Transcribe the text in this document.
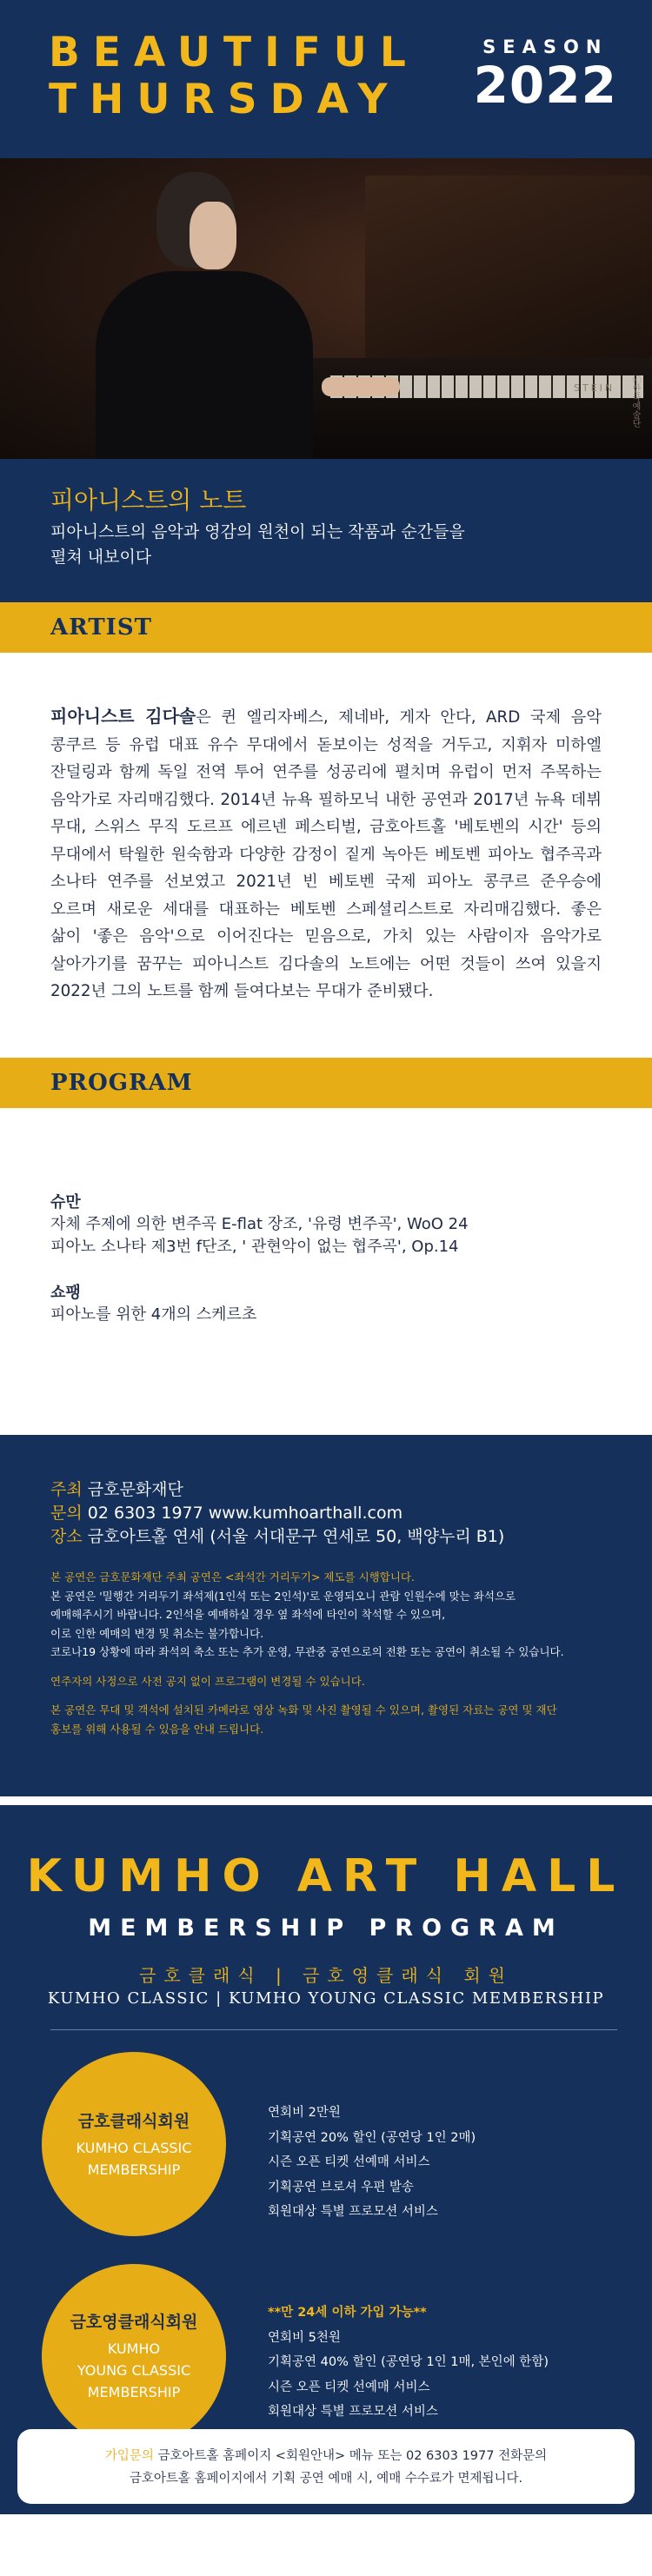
BEAUTIFUL
THURSDAY
SEASON
2022
STEIN ⓒ한국예술단
피아니스트의 노트
피아니스트의 음악과 영감의 원천이 되는 작품과 순간들을
펼쳐 내보이다
ARTIST

피아니스트 김다솔은 퀸 엘리자베스, 제네바, 게자 안다, ARD 국제 음악 콩쿠르 등 유럽 대표 유수 무대에서 돋보이는 성적을 거두고, 지휘자 미하엘 잔덜링과 함께 독일 전역 투어 연주를 성공리에 펼치며 유럽이 먼저 주목하는 음악가로 자리매김했다. 2014년 뉴욕 필하모닉 내한 공연과 2017년 뉴욕 데뷔 무대, 스위스 무직 도르프 에르넨 페스티벌, 금호아트홀 '베토벤의 시간' 등의 무대에서 탁월한 원숙함과 다양한 감정이 짙게 녹아든 베토벤 피아노 협주곡과 소나타 연주를 선보였고 2021년 빈 베토벤 국제 피아노 콩쿠르 준우승에 오르며 새로운 세대를 대표하는 베토벤 스페셜리스트로 자리매김했다. 좋은 삶이 '좋은 음악'으로 이어진다는 믿음으로, 가치 있는 사람이자 음악가로 살아가기를 꿈꾸는 피아니스트 김다솔의 노트에는 어떤 것들이 쓰여 있을지 2022년 그의 노트를 함께 들여다보는 무대가 준비됐다.

PROGRAM
슈만
자체 주제에 의한 변주곡 E-flat 장조, '유령 변주곡', WoO 24
피아노 소나타 제3번 f단조, ' 관현악이 없는 협주곡', Op.14
쇼팽
피아노를 위한 4개의 스케르초
주최 금호문화재단
문의 02 6303 1977 www.kumhoarthall.com
장소 금호아트홀 연세 (서울 서대문구 연세로 50, 백양누리 B1)

본 공연은 금호문화재단 주최 공연은 <좌석간 거리두기> 제도를 시행합니다.
본 공연은 '밀행간 거리두기 좌석제(1인석 또는 2인석)'로 운영되오니 관람 인원수에 맞는 좌석으로
예매해주시기 바랍니다. 2인석을 예매하실 경우 옆 좌석에 타인이 착석할 수 있으며,
이로 인한 예매의 변경 및 취소는 불가합니다.
코로나19 상황에 따라 좌석의 축소 또는 추가 운영, 무관중 공연으로의 전환 또는 공연이 취소될 수 있습니다.

연주자의 사정으로 사전 공지 없이 프로그램이 변경될 수 있습니다.

본 공연은 무대 및 객석에 설치된 카메라로 영상 녹화 및 사진 촬영될 수 있으며, 촬영된 자료는 공연 및 재단
홍보를 위해 사용될 수 있음을 안내 드립니다.

KUMHO ART HALL
MEMBERSHIP PROGRAM
금호클래식 | 금호영클래식 회원
KUMHO CLASSIC | KUMHO YOUNG CLASSIC MEMBERSHIP
금호클래식회원
KUMHO CLASSIC
MEMBERSHIP
연회비 2만원
기획공연 20% 할인 (공연당 1인 2매)
시즌 오픈 티켓 선예매 서비스
기획공연 브로셔 우편 발송
회원대상 특별 프로모션 서비스
금호영클래식회원
KUMHO
YOUNG CLASSIC
MEMBERSHIP
**만 24세 이하 가입 가능**
연회비 5천원
기획공연 40% 할인 (공연당 1인 1매, 본인에 한함)
시즌 오픈 티켓 선예매 서비스
회원대상 특별 프로모션 서비스
가입문의 금호아트홀 홈페이지 <회원안내> 메뉴 또는 02 6303 1977 전화문의
금호아트홀 홈페이지에서 기획 공연 예매 시, 예매 수수료가 면제됩니다.
